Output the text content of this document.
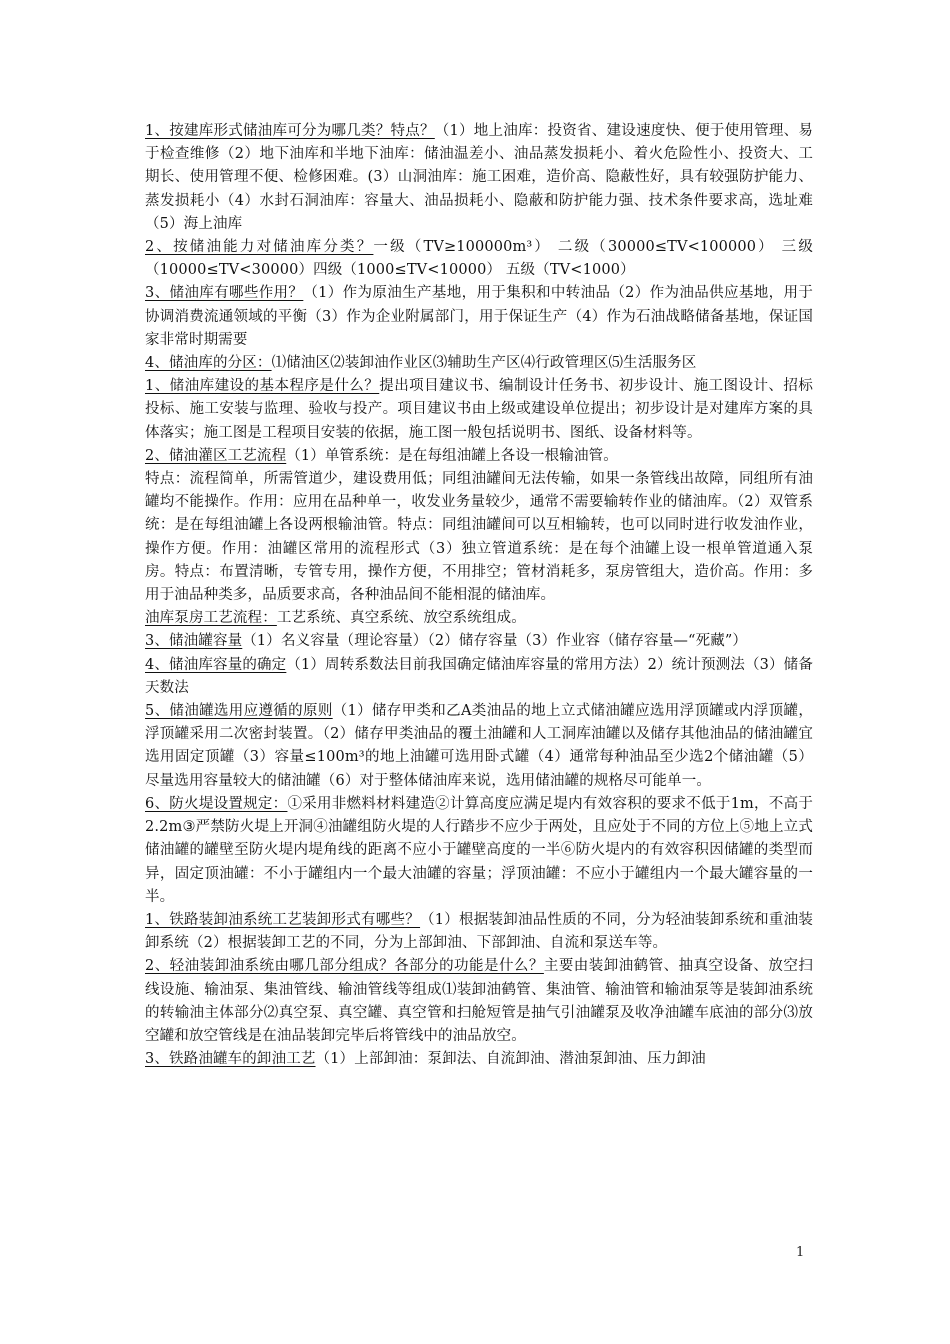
1、按建库形式储油库可分为哪几类？特点？（1）地上油库：投资省、建设速度快、便于使用管理、易于检查维修（2）地下油库和半地下油库：储油温差小、油品蒸发损耗小、着火危险性小、投资大、工期长、使用管理不便、检修困难。(3）山洞油库：施工困难，造价高、隐蔽性好，具有较强防护能力、蒸发损耗小（4）水封石洞油库：容量大、油品损耗小、隐蔽和防护能力强、技术条件要求高，选址难（5）海上油库

2、按储油能力对储油库分类？一级（TV≥100000m³） 二级（30000≤TV<100000） 三级（10000≤TV<30000）四级（1000≤TV<10000） 五级（TV<1000）

3、储油库有哪些作用？（1）作为原油生产基地，用于集积和中转油品（2）作为油品供应基地，用于协调消费流通领域的平衡（3）作为企业附属部门，用于保证生产（4）作为石油战略储备基地，保证国家非常时期需要

4、储油库的分区：⑴储油区⑵装卸油作业区⑶辅助生产区⑷行政管理区⑸生活服务区

1、储油库建设的基本程序是什么？提出项目建议书、编制设计任务书、初步设计、施工图设计、招标投标、施工安装与监理、验收与投产。项目建议书由上级或建设单位提出；初步设计是对建库方案的具体落实；施工图是工程项目安装的依据，施工图一般包括说明书、图纸、设备材料等。

2、储油灌区工艺流程（1）单管系统：是在每组油罐上各设一根输油管。

特点：流程简单，所需管道少，建设费用低；同组油罐间无法传输，如果一条管线出故障，同组所有油罐均不能操作。作用：应用在品种单一，收发业务量较少，通常不需要输转作业的储油库。（2）双管系统：是在每组油罐上各设两根输油管。特点：同组油罐间可以互相输转，也可以同时进行收发油作业，操作方便。作用：油罐区常用的流程形式（3）独立管道系统：是在每个油罐上设一根单管道通入泵房。特点：布置清晰，专管专用，操作方便，不用排空；管材消耗多，泵房管组大，造价高。作用：多用于油品种类多，品质要求高，各种油品间不能相混的储油库。

油库泵房工艺流程：工艺系统、真空系统、放空系统组成。

3、储油罐容量（1）名义容量（理论容量）（2）储存容量（3）作业容（储存容量—“死藏”）

4、储油库容量的确定（1）周转系数法目前我国确定储油库容量的常用方法）2）统计预测法（3）储备天数法

5、储油罐选用应遵循的原则（1）储存甲类和乙A类油品的地上立式储油罐应选用浮顶罐或内浮顶罐，浮顶罐采用二次密封装置。（2）储存甲类油品的覆土油罐和人工洞库油罐以及储存其他油品的储油罐宜选用固定顶罐（3）容量≤100m³的地上油罐可选用卧式罐（4）通常每种油品至少选2个储油罐（5）尽量选用容量较大的储油罐（6）对于整体储油库来说，选用储油罐的规格尽可能单一。

6、防火堤设置规定：①采用非燃料材料建造②计算高度应满足堤内有效容积的要求不低于1m，不高于2.2m③严禁防火堤上开洞④油罐组防火堤的人行踏步不应少于两处，且应处于不同的方位上⑤地上立式储油罐的罐壁至防火堤内堤角线的距离不应小于罐壁高度的一半⑥防火堤内的有效容积因储罐的类型而异，固定顶油罐：不小于罐组内一个最大油罐的容量；浮顶油罐：不应小于罐组内一个最大罐容量的一半。

1、铁路装卸油系统工艺装卸形式有哪些？（1）根据装卸油品性质的不同，分为轻油装卸系统和重油装卸系统（2）根据装卸工艺的不同，分为上部卸油、下部卸油、自流和泵送车等。

2、轻油装卸油系统由哪几部分组成？各部分的功能是什么？主要由装卸油鹤管、抽真空设备、放空扫线设施、输油泵、集油管线、输油管线等组成⑴装卸油鹤管、集油管、输油管和输油泵等是装卸油系统的转输油主体部分⑵真空泵、真空罐、真空管和扫舱短管是抽气引油罐泵及收净油罐车底油的部分⑶放空罐和放空管线是在油品装卸完毕后将管线中的油品放空。

3、铁路油罐车的卸油工艺（1）上部卸油：泵卸法、自流卸油、潜油泵卸油、压力卸油

1
